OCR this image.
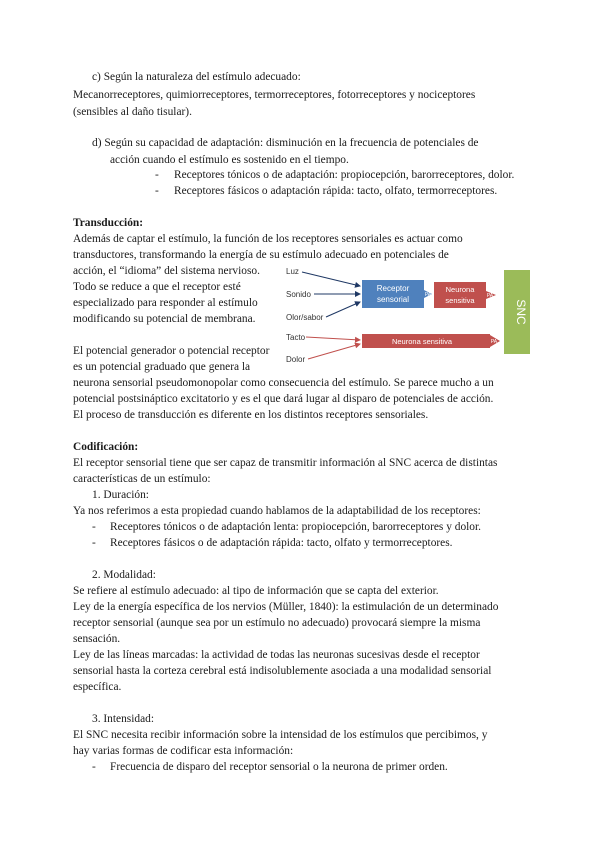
c) Según la naturaleza del estímulo adecuado:
Mecanorreceptores, quimiorreceptores, termorreceptores, fotorreceptores y nociceptores
(sensibles al daño tisular).
d) Según su capacidad de adaptación: disminución en la frecuencia de potenciales de
acción cuando el estímulo es sostenido en el tiempo.
- Receptores tónicos o de adaptación: propiocepción, barorreceptores, dolor.
- Receptores fásicos o adaptación rápida: tacto, olfato, termorreceptores.
Transducción:
Además de captar el estímulo, la función de los receptores sensoriales es actuar como
transductores, transformando la energía de su estímulo adecuado en potenciales de
acción, el “idioma” del sistema nervioso.
Todo se reduce a que el receptor esté
especializado para responder al estímulo
modificando su potencial de membrana.
El potencial generador o potencial receptor
es un potencial graduado que genera la
neurona sensorial pseudomonopolar como consecuencia del estímulo. Se parece mucho a un
potencial postsináptico excitatorio y es el que dará lugar al disparo de potenciales de acción.
El proceso de transducción es diferente en los distintos receptores sensoriales.
Luz
Sonido
Olor/sabor
Tacto
Dolor
Receptor
sensorial	PA
Neurona
sensitiva PA
SNC
Neurona sensitiva	PA
Codificación:
El receptor sensorial tiene que ser capaz de transmitir información al SNC acerca de distintas
características de un estímulo:
1. Duración:
Ya nos referimos a esta propiedad cuando hablamos de la adaptabilidad de los receptores:
- Receptores tónicos o de adaptación lenta: propiocepción, barorreceptores y dolor.
- Receptores fásicos o de adaptación rápida: tacto, olfato y termorreceptores.
2. Modalidad:
Se refiere al estímulo adecuado: al tipo de información que se capta del exterior.
Ley de la energía específica de los nervios (Müller, 1840): la estimulación de un determinado
receptor sensorial (aunque sea por un estímulo no adecuado) provocará siempre la misma
sensación.
Ley de las líneas marcadas: la actividad de todas las neuronas sucesivas desde el receptor
sensorial hasta la corteza cerebral está indisolublemente asociada a una modalidad sensorial
específica.
3. Intensidad:
El SNC necesita recibir información sobre la intensidad de los estímulos que percibimos, y
hay varias formas de codificar esta información:
- Frecuencia de disparo del receptor sensorial o la neurona de primer orden.
